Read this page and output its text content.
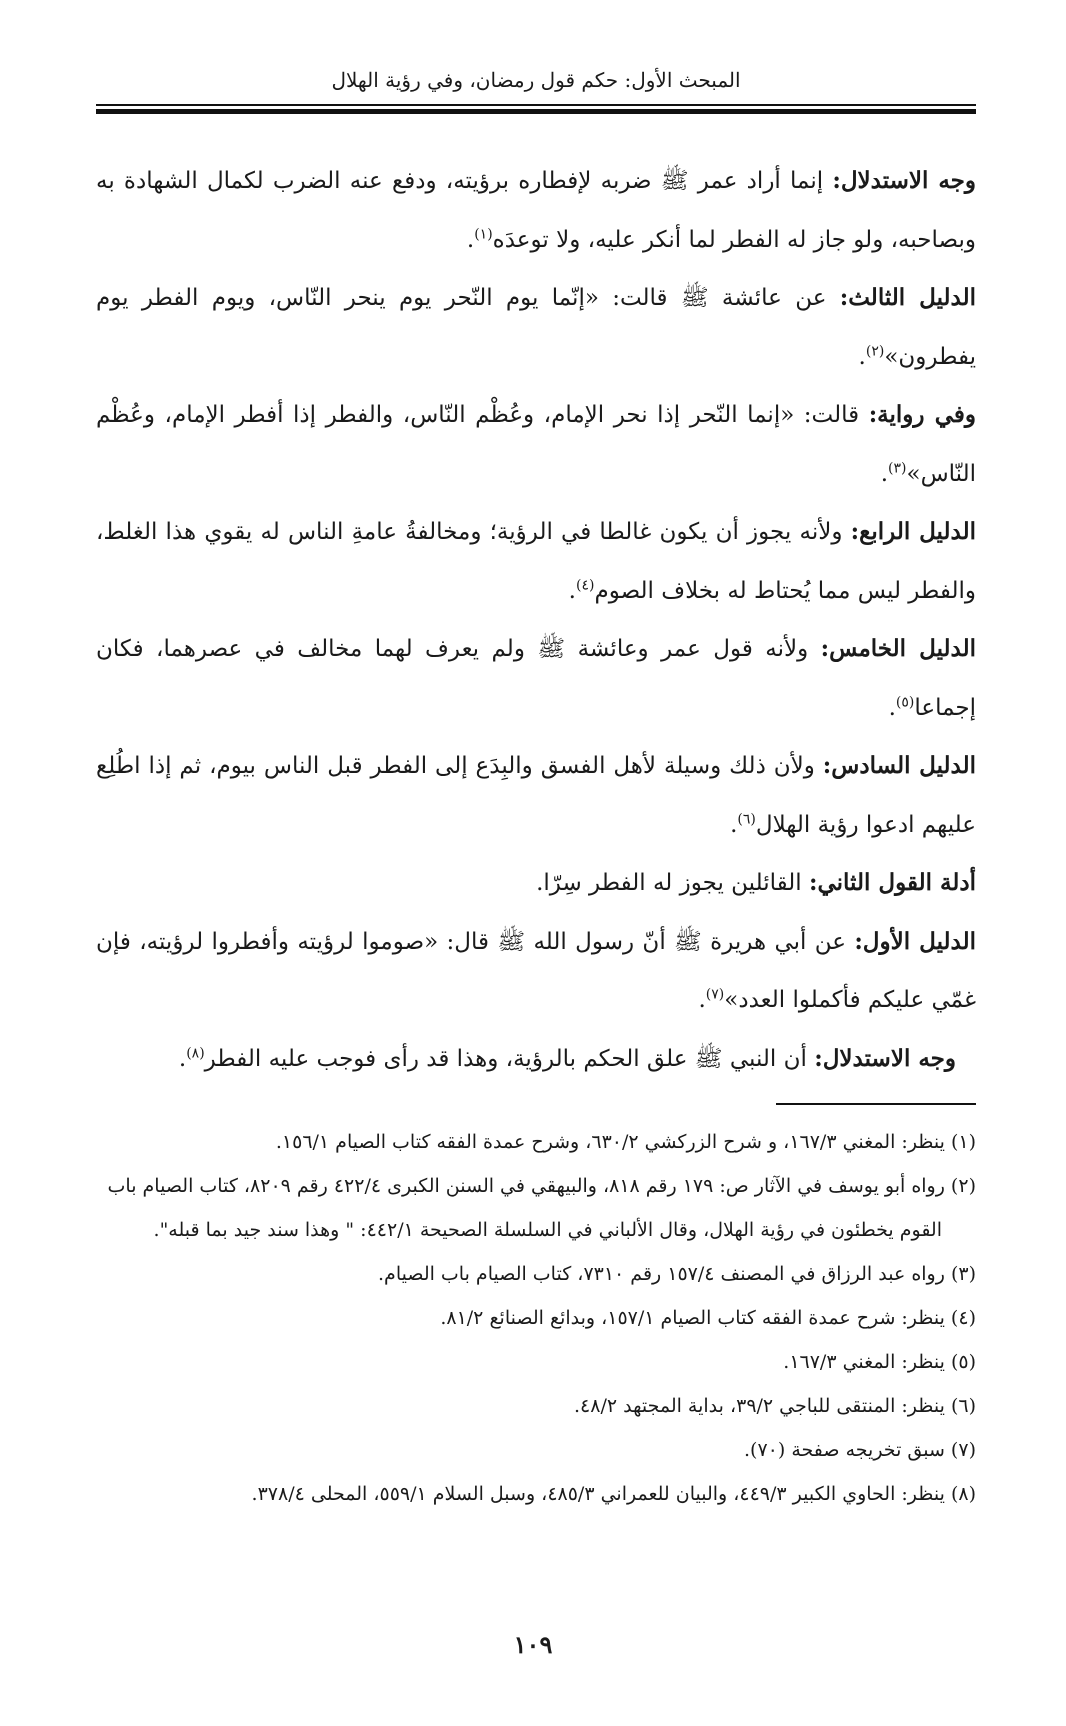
المبحث الأول: حكم قول رمضان، وفي رؤية الهلال

وجه الاستدلال: إنما أراد عمر ﷺ ضربه لإفطاره برؤيته، ودفع عنه الضرب لكمال الشهادة به وبصاحبه، ولو جاز له الفطر لما أنكر عليه، ولا توعدَه$^{(١)}$.

الدليل الثالث: عن عائشة ﷺ قالت: «إنّما يوم النّحر يوم ينحر النّاس، ويوم الفطر يوم يفطرون»$^{(٢)}$.

وفي رواية: قالت: «إنما النّحر إذا نحر الإمام، وعُظْم النّاس، والفطر إذا أفطر الإمام، وعُظْم النّاس»$^{(٣)}$.

الدليل الرابع: ولأنه يجوز أن يكون غالطا في الرؤية؛ ومخالفةُ عامةِ الناس له يقوي هذا الغلط، والفطر ليس مما يُحتاط له بخلاف الصوم$^{(٤)}$.

الدليل الخامس: ولأنه قول عمر وعائشة ﷺ ولم يعرف لهما مخالف في عصرهما، فكان إجماعا$^{(٥)}$.

الدليل السادس: ولأن ذلك وسيلة لأهل الفسق والبِدَع إلى الفطر قبل الناس بيوم، ثم إذا اطُلِع عليهم ادعوا رؤية الهلال$^{(٦)}$.

أدلة القول الثاني: القائلين يجوز له الفطر سِرّا.

الدليل الأول: عن أبي هريرة ﷺ أنّ رسول الله ﷺ قال: «صوموا لرؤيته وأفطروا لرؤيته، فإن غمّي عليكم فأكملوا العدد»$^{(٧)}$.

وجه الاستدلال: أن النبي ﷺ علق الحكم بالرؤية، وهذا قد رأى فوجب عليه الفطر$^{(٨)}$.

(١) ينظر: المغني ١٦٧/٣، و شرح الزركشي ٦٣٠/٢، وشرح عمدة الفقه كتاب الصيام ١٥٦/١.

(٢) رواه أبو يوسف في الآثار ص: ١٧٩ رقم ٨١٨، والبيهقي في السنن الكبرى ٤٢٢/٤ رقم ٨٢٠٩، كتاب الصيام باب القوم يخطئون في رؤية الهلال، وقال الألباني في السلسلة الصحيحة ٤٤٢/١: " وهذا سند جيد بما قبله".

(٣) رواه عبد الرزاق في المصنف ١٥٧/٤ رقم ٧٣١٠، كتاب الصيام باب الصيام.

(٤) ينظر: شرح عمدة الفقه كتاب الصيام ١٥٧/١، وبدائع الصنائع ٨١/٢.

(٥) ينظر: المغني ١٦٧/٣.

(٦) ينظر: المنتقى للباجي ٣٩/٢، بداية المجتهد ٤٨/٢.

(٧) سبق تخريجه صفحة (٧٠).

(٨) ينظر: الحاوي الكبير ٤٤٩/٣، والبيان للعمراني ٤٨٥/٣، وسبل السلام ٥٥٩/١، المحلى ٣٧٨/٤.

١٠٩
